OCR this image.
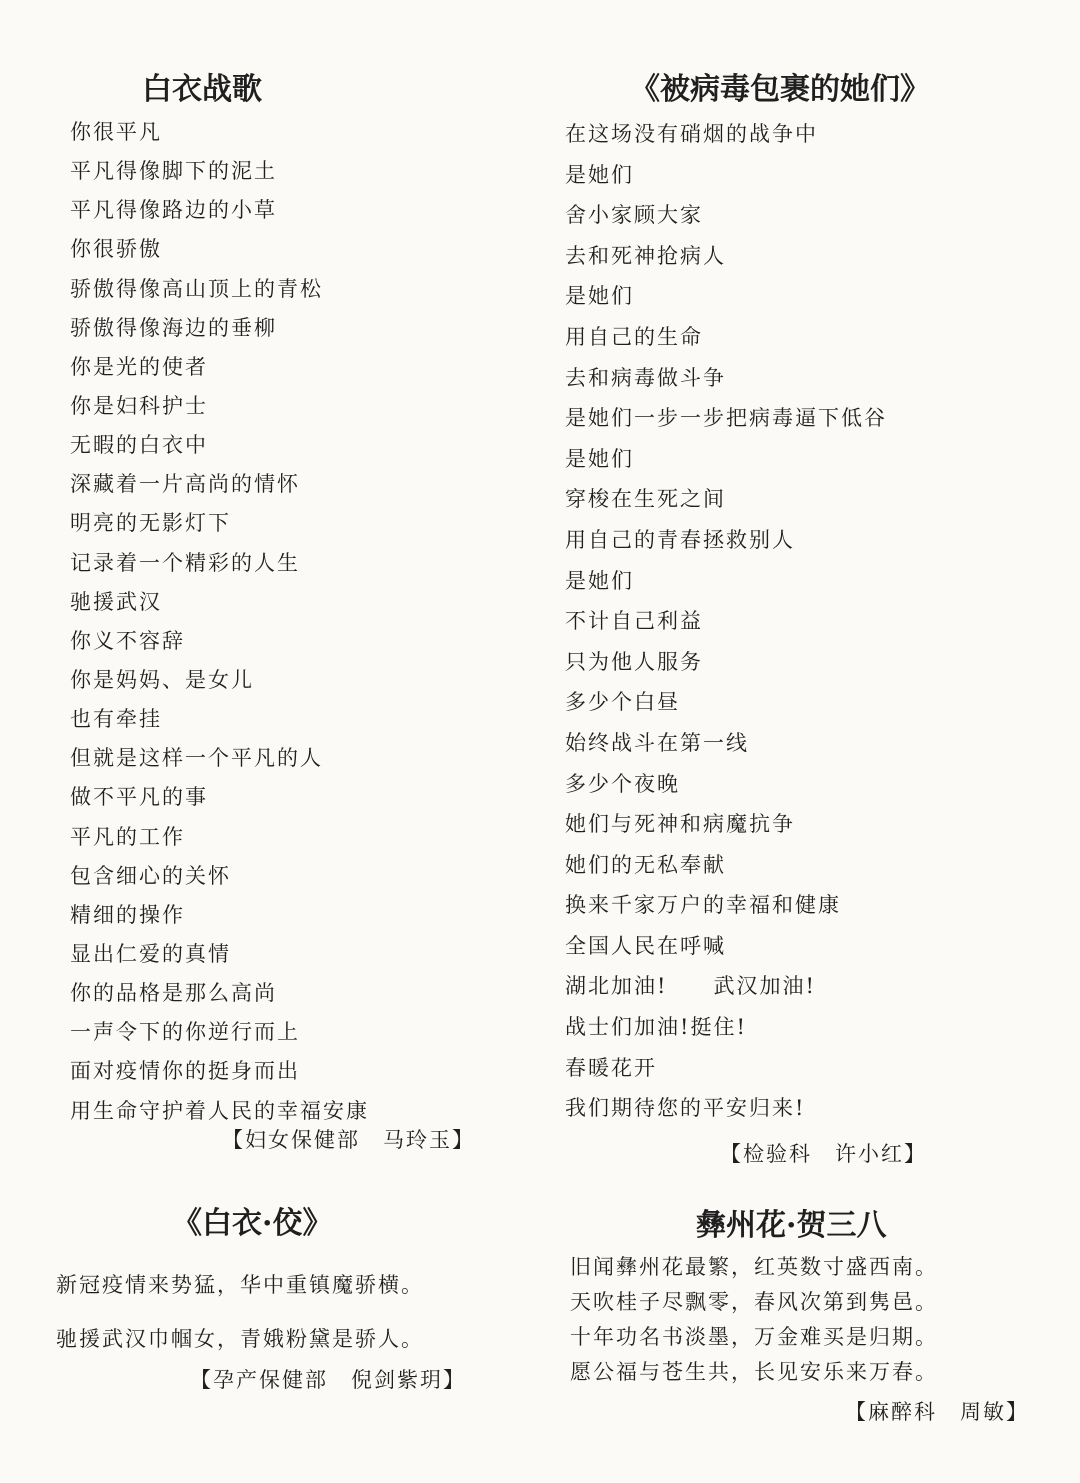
白衣战歌
你很平凡
平凡得像脚下的泥土
平凡得像路边的小草
你很骄傲
骄傲得像高山顶上的青松
骄傲得像海边的垂柳
你是光的使者
你是妇科护士
无暇的白衣中
深藏着一片高尚的情怀
明亮的无影灯下
记录着一个精彩的人生
驰援武汉
你义不容辞
你是妈妈、是女儿
也有牵挂
但就是这样一个平凡的人
做不平凡的事
平凡的工作
包含细心的关怀
精细的操作
显出仁爱的真情
你的品格是那么高尚
一声令下的你逆行而上
面对疫情你的挺身而出
用生命守护着人民的幸福安康
【妇女保健部　马玲玉】
《被病毒包裹的她们》
在这场没有硝烟的战争中
是她们
舍小家顾大家
去和死神抢病人
是她们
用自己的生命
去和病毒做斗争
是她们一步一步把病毒逼下低谷
是她们
穿梭在生死之间
用自己的青春拯救别人
是她们
不计自己利益
只为他人服务
多少个白昼
始终战斗在第一线
多少个夜晚
她们与死神和病魔抗争
她们的无私奉献
换来千家万户的幸福和健康
全国人民在呼喊
湖北加油!　　武汉加油!
战士们加油!挺住!
春暖花开
我们期待您的平安归来!
【检验科　许小红】
《白衣·佼》
新冠疫情来势猛，华中重镇魔骄横。
驰援武汉巾帼女，青娥粉黛是骄人。
【孕产保健部　倪剑紫玥】
彝州花·贺三八
旧闻彝州花最繁，红英数寸盛西南。
天吹桂子尽飘零，春风次第到隽邑。
十年功名书淡墨，万金难买是归期。
愿公福与苍生共，长见安乐来万春。
【麻醉科　周敏】
